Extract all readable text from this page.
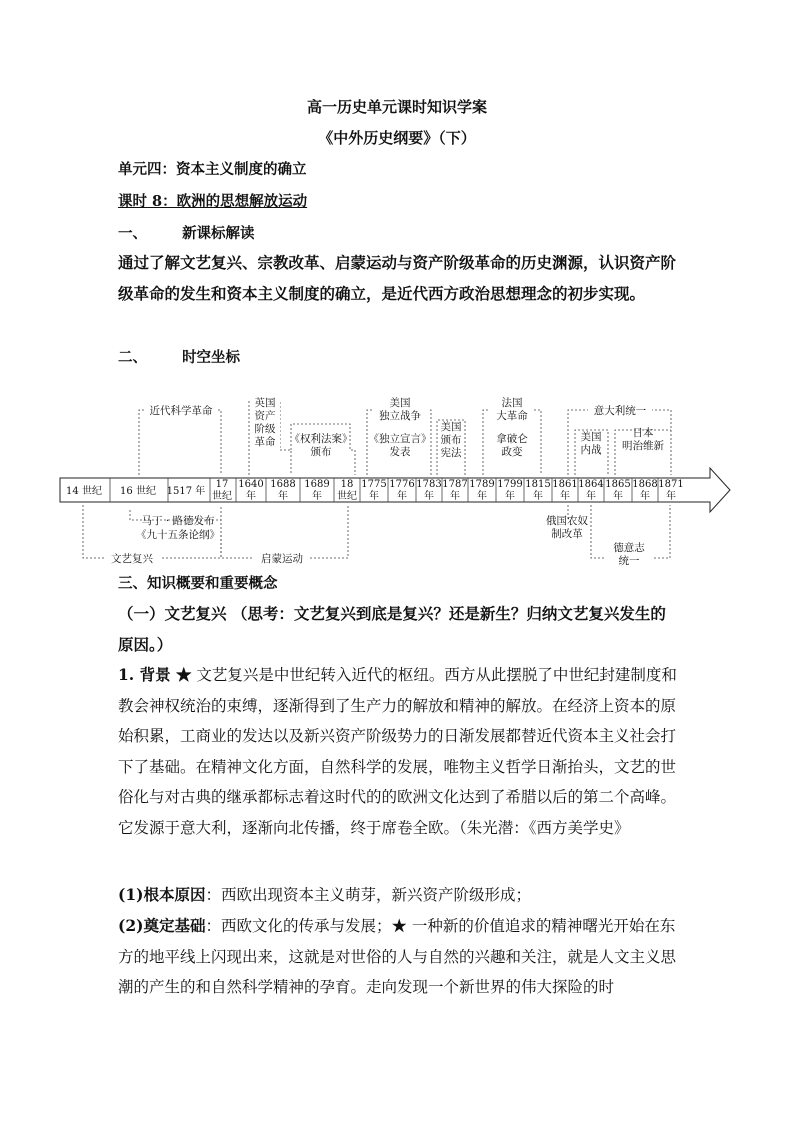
高一历史单元课时知识学案
《中外历史纲要》（下）
单元四：资本主义制度的确立
课时 8：欧洲的思想解放运动
一、 新课标解读
通过了解文艺复兴、宗教改革、启蒙运动与资产阶级革命的历史渊源，认识资产阶级革命的发生和资本主义制度的确立，是近代西方政治思想理念的初步实现。
二、 时空坐标
14 世纪 16 世纪 1517 年
17
世纪
1640
年
1688
年
1689
年
18
世纪
1775
年
1776
年
1783
年
1787
年
1789
年
1799
年
1815
年
1861
年
1864
年
1865
年
1868
年
1871
年
近代科学革命
英国
资产
阶级
革命 《权利法案》
颁布
美国
独立战争
《独立宣言》
发表
美国
颁布
宪法
法国
大革命
拿破仑
政变
意大利统一
美国
内战
日本
明治维新
马丁 · 路德发布
《九十五条论纲》
文艺复兴	启蒙运动
俄国农奴
制改革
德意志
统一
三、知识概要和重要概念
（一）文艺复兴 （思考：文艺复兴到底是复兴？还是新生？归纳文艺复兴发生的原因。）
1. 背景 ★ 文艺复兴是中世纪转入近代的枢纽。西方从此摆脱了中世纪封建制度和教会神权统治的束缚，逐渐得到了生产力的解放和精神的解放。在经济上资本的原始积累，工商业的发达以及新兴资产阶级势力的日渐发展都替近代资本主义社会打下了基础。在精神文化方面，自然科学的发展，唯物主义哲学日渐抬头，文艺的世俗化与对古典的继承都标志着这时代的的欧洲文化达到了希腊以后的第二个高峰。它发源于意大利，逐渐向北传播，终于席卷全欧。（朱光潜：《西方美学史》
(1)根本原因：西欧出现资本主义萌芽，新兴资产阶级形成；
(2)奠定基础：西欧文化的传承与发展；★ 一种新的价值追求的精神曙光开始在东方的地平线上闪现出来，这就是对世俗的人与自然的兴趣和关注，就是人文主义思潮的产生的和自然科学精神的孕育。走向发现一个新世界的伟大探险的时
